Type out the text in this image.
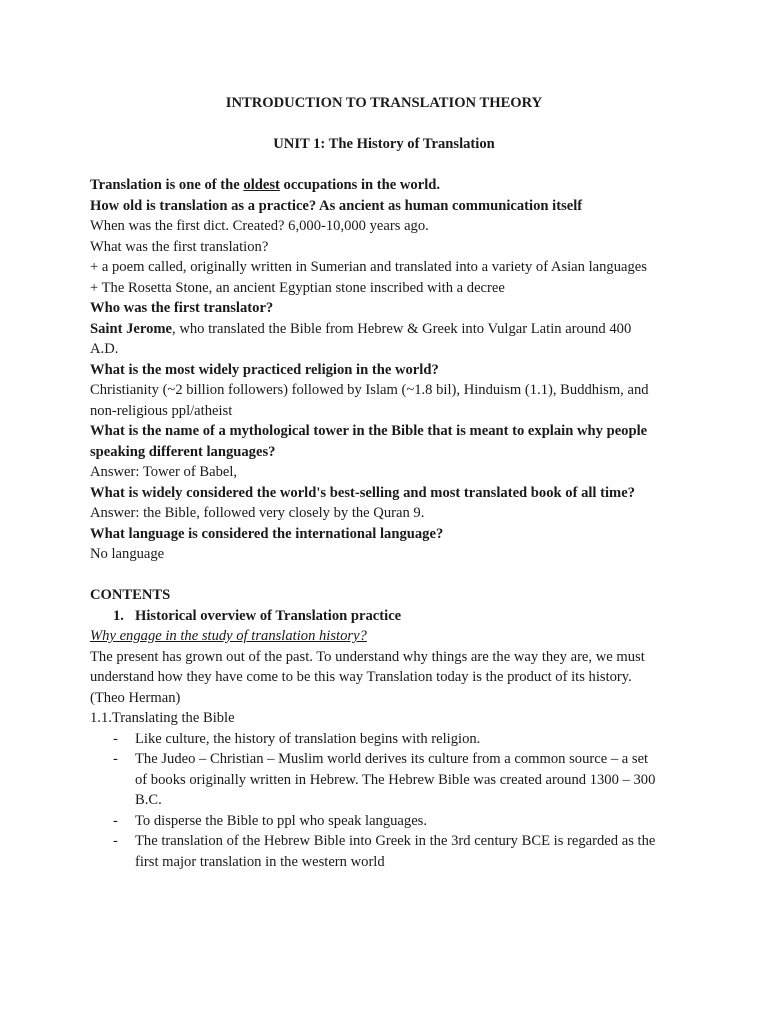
INTRODUCTION TO TRANSLATION THEORY
UNIT 1: The History of Translation
Translation is one of the oldest occupations in the world.
How old is translation as a practice? As ancient as human communication itself
When was the first dict. Created? 6,000-10,000 years ago.
What was the first translation?
+ a poem called, originally written in Sumerian and translated into a variety of Asian languages
+ The Rosetta Stone, an ancient Egyptian stone inscribed with a decree
Who was the first translator?
Saint Jerome, who translated the Bible from Hebrew & Greek into Vulgar Latin around 400
A.D.
What is the most widely practiced religion in the world?
Christianity (~2 billion followers) followed by Islam (~1.8 bil), Hinduism (1.1), Buddhism, and
non-religious ppl/atheist
What is the name of a mythological tower in the Bible that is meant to explain why people
speaking different languages?
Answer: Tower of Babel,
What is widely considered the world's best-selling and most translated book of all time?
Answer: the Bible, followed very closely by the Quran 9.
What language is considered the international language?
No language
CONTENTS
1. Historical overview of Translation practice
Why engage in the study of translation history?
The present has grown out of the past. To understand why things are the way they are, we must
understand how they have come to be this way Translation today is the product of its history.
(Theo Herman)
1.1.Translating the Bible
- Like culture, the history of translation begins with religion.
- The Judeo – Christian – Muslim world derives its culture from a common source – a set
of books originally written in Hebrew. The Hebrew Bible was created around 1300 – 300
B.C.
- To disperse the Bible to ppl who speak languages.
- The translation of the Hebrew Bible into Greek in the 3rd century BCE is regarded as the
first major translation in the western world
